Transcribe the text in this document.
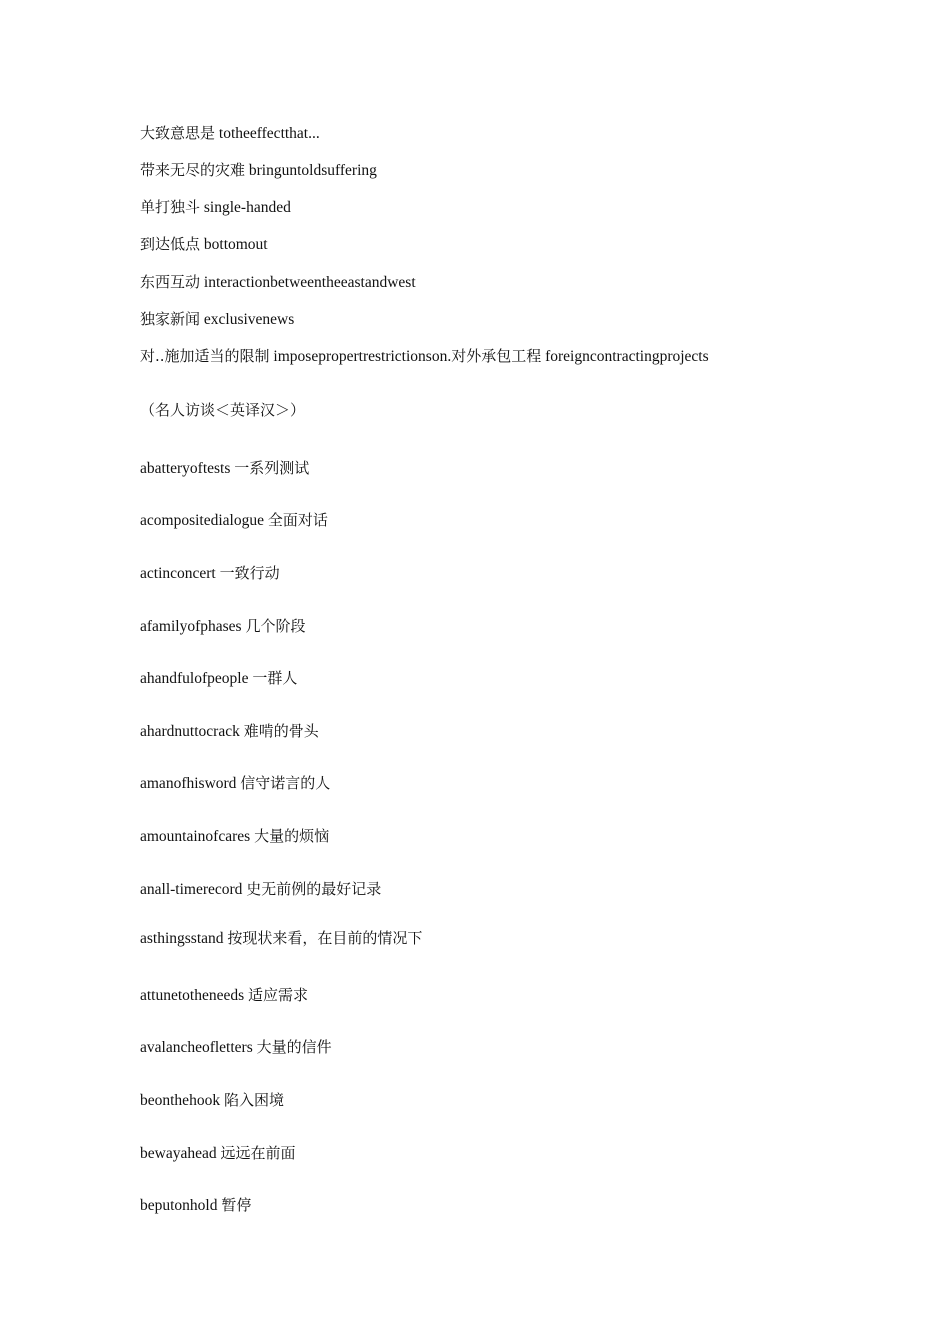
大致意思是 totheeffectthat...
带来无尽的灾难 bringuntoldsuffering
单打独斗 single-handed
到达低点 bottomout
东西互动 interactionbetweentheeastandwest
独家新闻 exclusivenews
对..施加适当的限制 imposepropertrestrictionson.对外承包工程 foreigncontractingprojects
（名人访谈＜英译汉＞）
abatteryoftests 一系列测试
acompositedialogue 全面对话
actinconcert 一致行动
afamilyofphases 几个阶段
ahandfulofpeople 一群人
ahardnuttocrack 难啃的骨头
amanofhisword 信守诺言的人
amountainofcares 大量的烦恼
anall-timerecord 史无前例的最好记录
asthingsstand 按现状来看，在目前的情况下
attunetotheneeds 适应需求
avalancheofletters 大量的信件
beonthehook 陷入困境
bewayahead 远远在前面
beputonhold 暂停
